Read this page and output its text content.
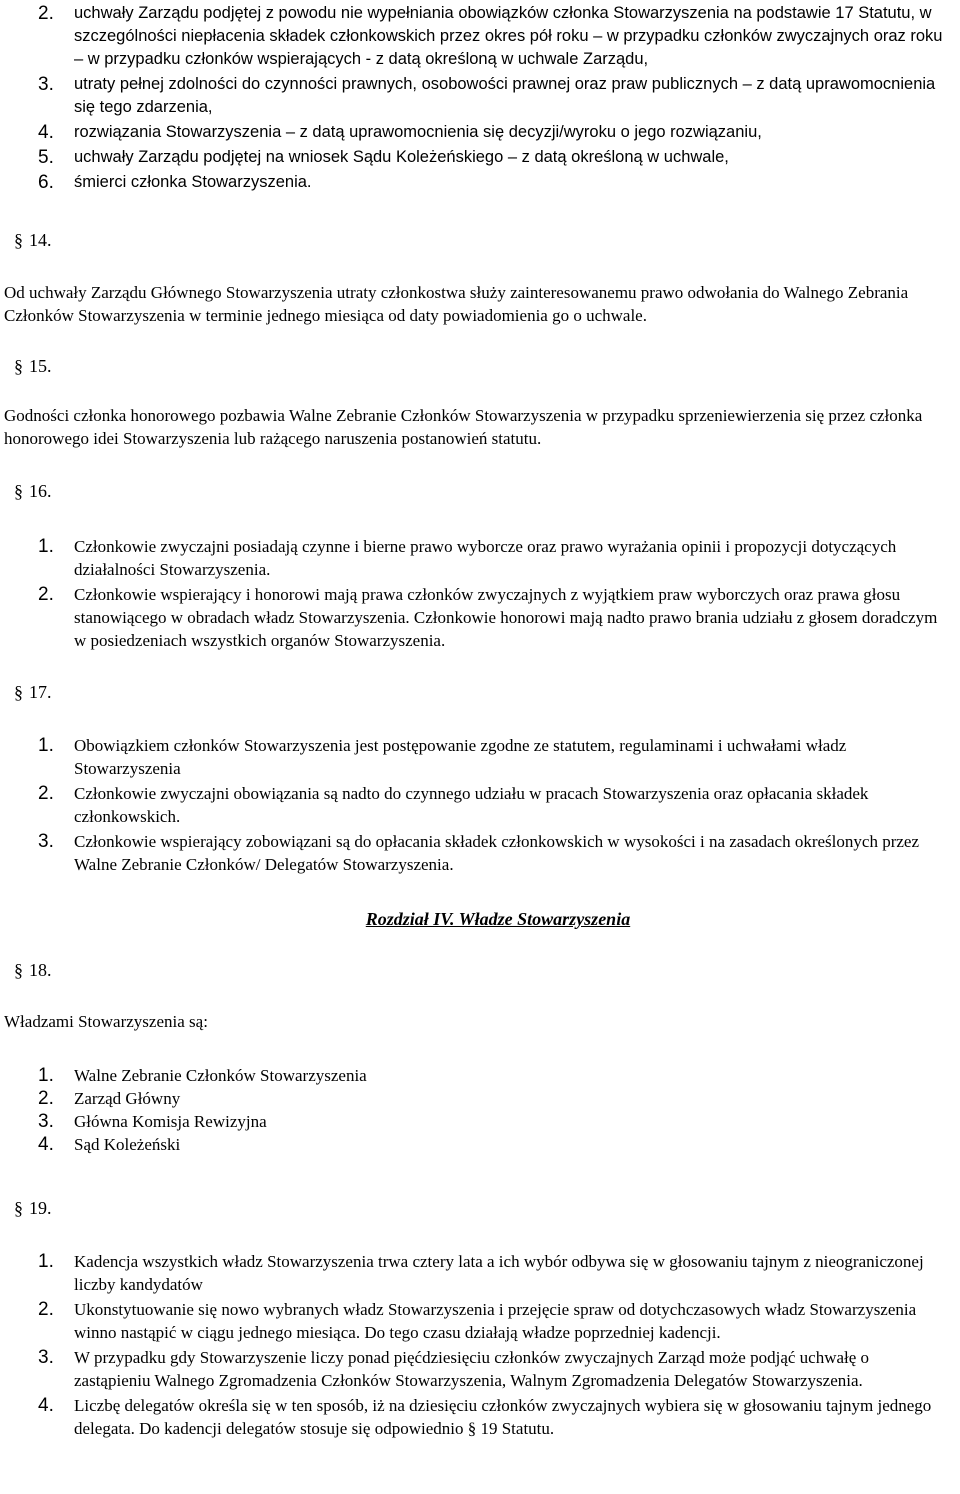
2. uchwały Zarządu podjętej z powodu nie wypełniania obowiązków członka Stowarzyszenia na podstawie 17 Statutu, w szczególności niepłacenia składek członkowskich przez okres pół roku – w przypadku członków zwyczajnych oraz roku – w przypadku członków wspierających - z datą określoną w uchwale Zarządu,
3. utraty pełnej zdolności do czynności prawnych, osobowości prawnej oraz praw publicznych – z datą uprawomocnienia się tego zdarzenia,
4. rozwiązania Stowarzyszenia – z datą uprawomocnienia się decyzji/wyroku o jego rozwiązaniu,
5. uchwały Zarządu podjętej na wniosek Sądu Koleżeńskiego – z datą określoną w uchwale,
6. śmierci członka Stowarzyszenia.
§ 14.
Od uchwały Zarządu Głównego Stowarzyszenia utraty członkostwa służy zainteresowanemu prawo odwołania do Walnego Zebrania Członków Stowarzyszenia w terminie jednego miesiąca od daty powiadomienia go o uchwale.
§ 15.
Godności członka honorowego pozbawia Walne Zebranie Członków Stowarzyszenia w przypadku sprzeniewierzenia się przez członka honorowego idei Stowarzyszenia lub rażącego naruszenia postanowień statutu.
§ 16.
1. Członkowie zwyczajni posiadają czynne i bierne prawo wyborcze oraz prawo wyrażania opinii i propozycji dotyczących działalności Stowarzyszenia.
2. Członkowie wspierający i honorowi mają prawa członków zwyczajnych z wyjątkiem praw wyborczych oraz prawa głosu stanowiącego w obradach władz Stowarzyszenia. Członkowie honorowi mają nadto prawo brania udziału z głosem doradczym w posiedzeniach wszystkich organów Stowarzyszenia.
§ 17.
1. Obowiązkiem członków Stowarzyszenia jest postępowanie zgodne ze statutem, regulaminami i uchwałami władz Stowarzyszenia
2. Członkowie zwyczajni obowiązania są nadto do czynnego udziału w pracach Stowarzyszenia oraz opłacania składek członkowskich.
3. Członkowie wspierający zobowiązani są do opłacania składek członkowskich w wysokości i na zasadach określonych przez Walne Zebranie Członków/ Delegatów Stowarzyszenia.
Rozdział IV. Władze Stowarzyszenia
§ 18.
Władzami Stowarzyszenia są:
1. Walne Zebranie Członków Stowarzyszenia
2. Zarząd Główny
3. Główna Komisja Rewizyjna
4. Sąd Koleżeński
§ 19.
1. Kadencja wszystkich władz Stowarzyszenia trwa cztery lata a ich wybór odbywa się w głosowaniu tajnym z nieograniczonej liczby kandydatów
2. Ukonstytuowanie się nowo wybranych władz Stowarzyszenia i przejęcie spraw od dotychczasowych władz Stowarzyszenia winno nastąpić w ciągu jednego miesiąca. Do tego czasu działają władze poprzedniej kadencji.
3. W przypadku gdy Stowarzyszenie liczy ponad pięćdziesięciu członków zwyczajnych Zarząd może podjąć uchwałę o zastąpieniu Walnego Zgromadzenia Członków Stowarzyszenia, Walnym Zgromadzenia Delegatów Stowarzyszenia.
4. Liczbę delegatów określa się w ten sposób, iż na dziesięciu członków zwyczajnych wybiera się w głosowaniu tajnym jednego delegata. Do kadencji delegatów stosuje się odpowiednio § 19 Statutu.
